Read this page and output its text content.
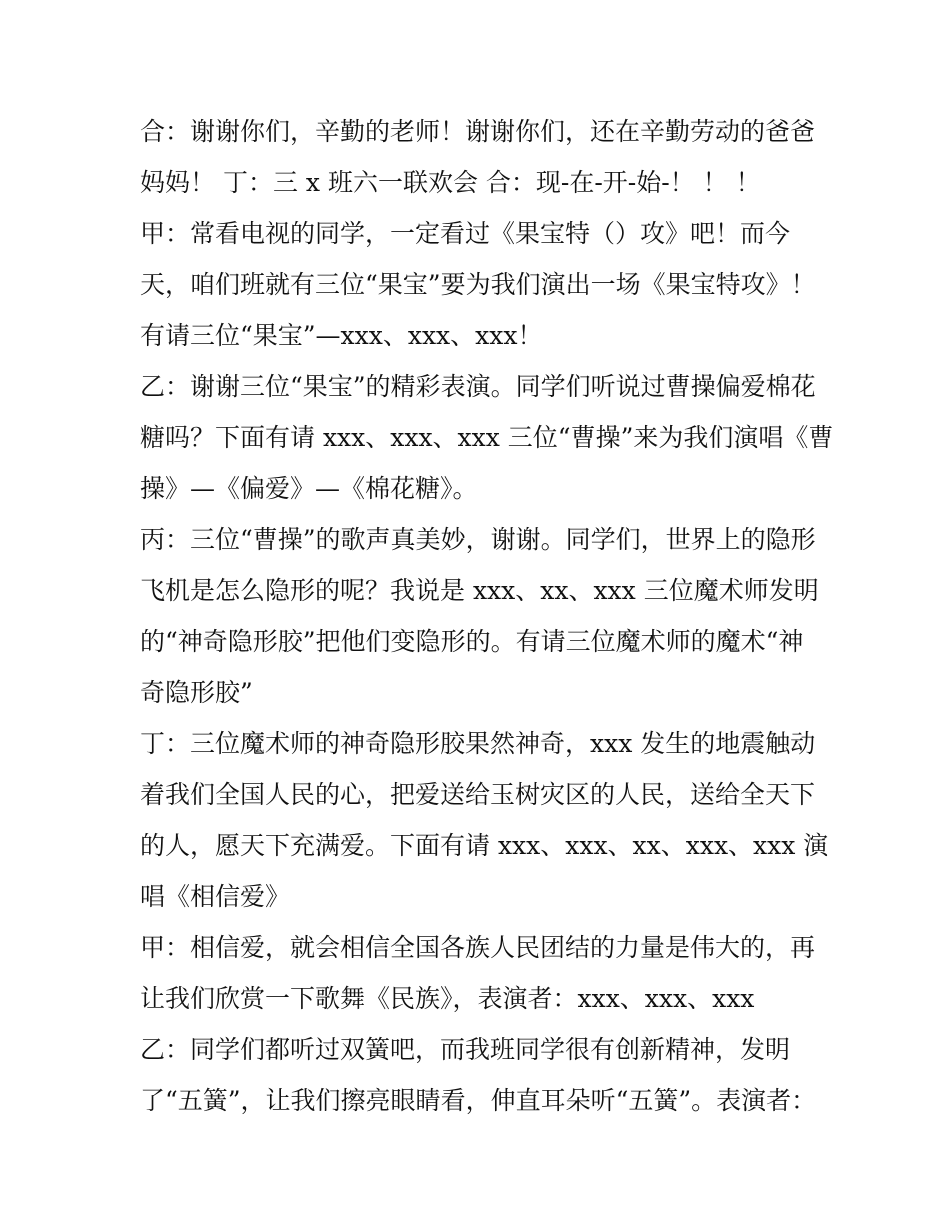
合：谢谢你们，辛勤的老师！谢谢你们，还在辛勤劳动的爸爸
妈妈！ 丁：三 x 班六一联欢会 合：现-在-开-始-！ ！ ！
甲：常看电视的同学，一定看过《果宝特（）攻》吧！而今
天，咱们班就有三位“果宝”要为我们演出一场《果宝特攻》！
有请三位“果宝”—xxx、xxx、xxx！
乙：谢谢三位“果宝”的精彩表演。同学们听说过曹操偏爱棉花
糖吗？下面有请 xxx、xxx、xxx 三位“曹操”来为我们演唱《曹
操》—《偏爱》—《棉花糖》。
丙：三位“曹操”的歌声真美妙，谢谢。同学们，世界上的隐形
飞机是怎么隐形的呢？我说是 xxx、xx、xxx 三位魔术师发明
的“神奇隐形胶”把他们变隐形的。有请三位魔术师的魔术“神
奇隐形胶”
丁：三位魔术师的神奇隐形胶果然神奇，xxx 发生的地震触动
着我们全国人民的心，把爱送给玉树灾区的人民，送给全天下
的人，愿天下充满爱。下面有请 xxx、xxx、xx、xxx、xxx 演
唱《相信爱》
甲：相信爱，就会相信全国各族人民团结的力量是伟大的，再
让我们欣赏一下歌舞《民族》，表演者：xxx、xxx、xxx
乙：同学们都听过双簧吧，而我班同学很有创新精神，发明
了“五簧”，让我们擦亮眼睛看，伸直耳朵听“五簧”。表演者：
